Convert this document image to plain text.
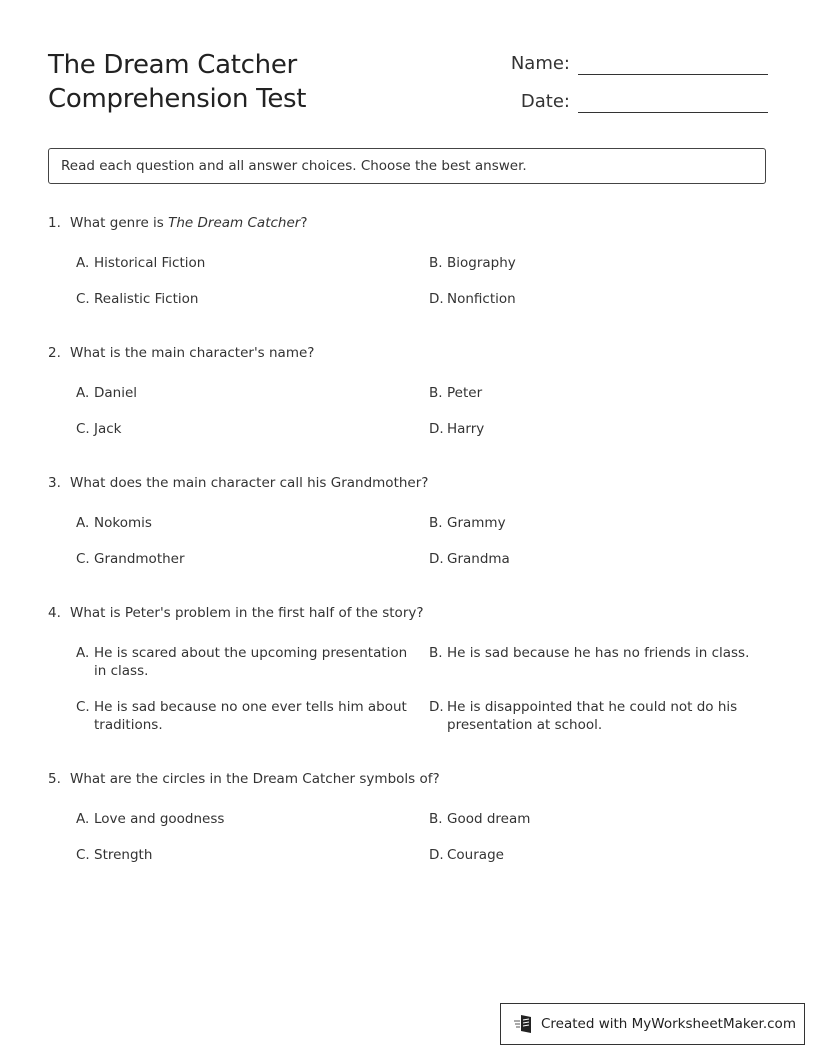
The Dream Catcher
Comprehension Test
Name:
Date:
Read each question and all answer choices. Choose the best answer.
1. What genre is The Dream Catcher?
A. Historical Fiction	B. Biography
C. Realistic Fiction	D. Nonfiction
2. What is the main character's name?
A. Daniel	B. Peter
C. Jack	D. Harry
3. What does the main character call his Grandmother?
A. Nokomis	B. Grammy
C. Grandmother	D. Grandma
4. What is Peter's problem in the first half of the story?
A. He is scared about the upcoming presentation in class.
B. He is sad because he has no friends in class.
C. He is sad because no one ever tells him about traditions.
D. He is disappointed that he could not do his presentation at school.
5. What are the circles in the Dream Catcher symbols of?
A. Love and goodness	B. Good dream
C. Strength	D. Courage
Created with MyWorksheetMaker.com
